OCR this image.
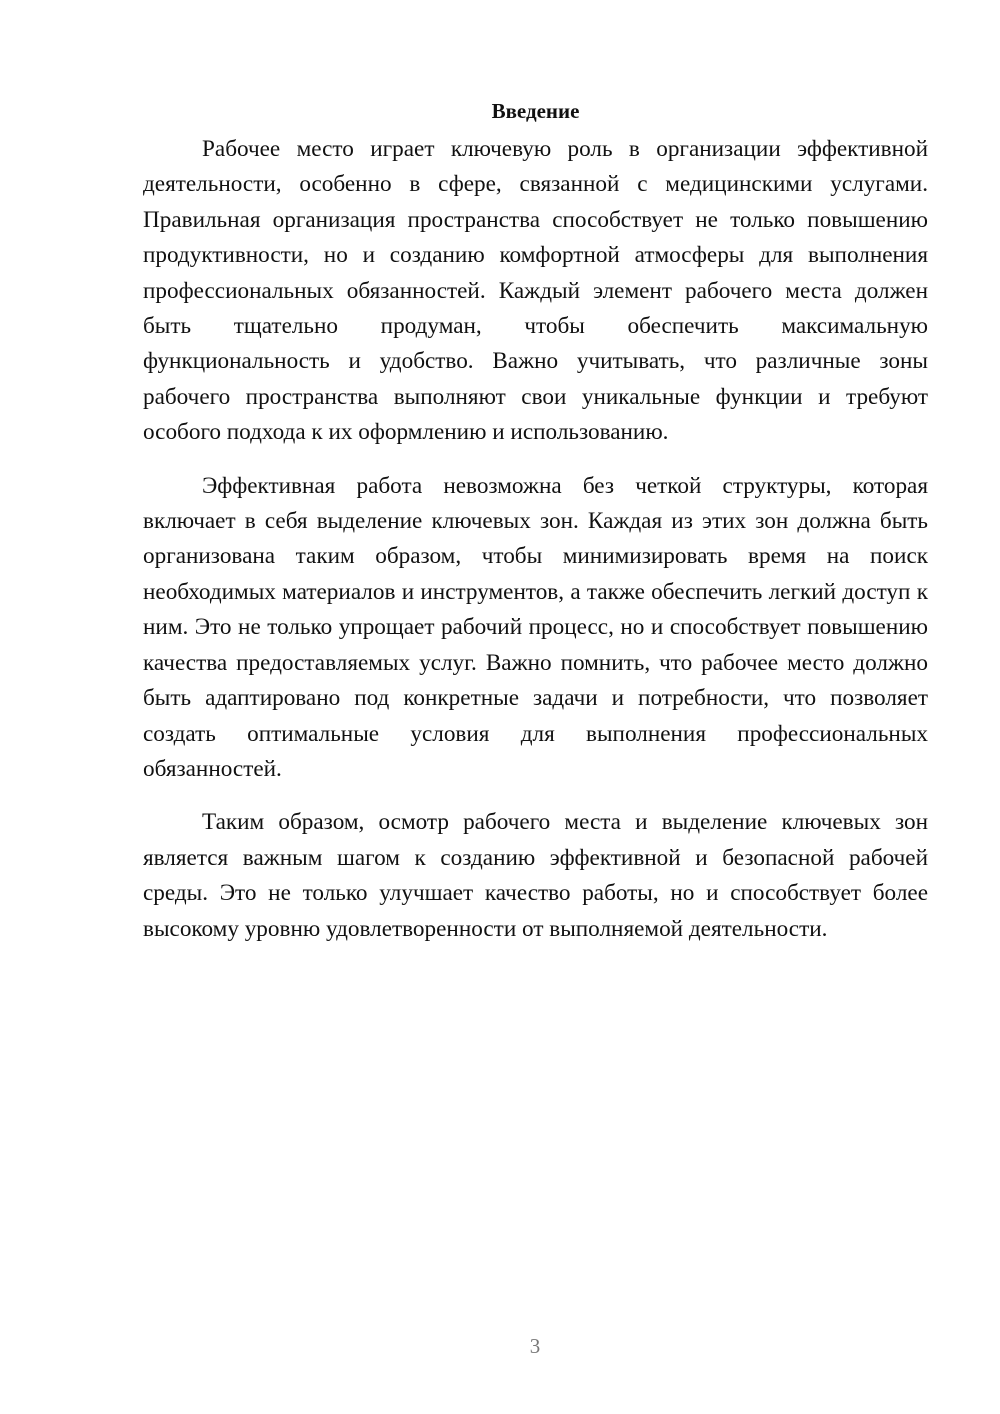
Введение

Рабочее место играет ключевую роль в организации эффективной деятельности, особенно в сфере, связанной с медицинскими услугами. Правильная организация пространства способствует не только повышению продуктивности, но и созданию комфортной атмосферы для выполнения профессиональных обязанностей. Каждый элемент рабочего места должен быть тщательно продуман, чтобы обеспечить максимальную функциональность и удобство. Важно учитывать, что различные зоны рабочего пространства выполняют свои уникальные функции и требуют особого подхода к их оформлению и использованию.

Эффективная работа невозможна без четкой структуры, которая включает в себя выделение ключевых зон. Каждая из этих зон должна быть организована таким образом, чтобы минимизировать время на поиск необходимых материалов и инструментов, а также обеспечить легкий доступ к ним. Это не только упрощает рабочий процесс, но и способствует повышению качества предоставляемых услуг. Важно помнить, что рабочее место должно быть адаптировано под конкретные задачи и потребности, что позволяет создать оптимальные условия для выполнения профессиональных обязанностей.

Таким образом, осмотр рабочего места и выделение ключевых зон является важным шагом к созданию эффективной и безопасной рабочей среды. Это не только улучшает качество работы, но и способствует более высокому уровню удовлетворенности от выполняемой деятельности.

3
